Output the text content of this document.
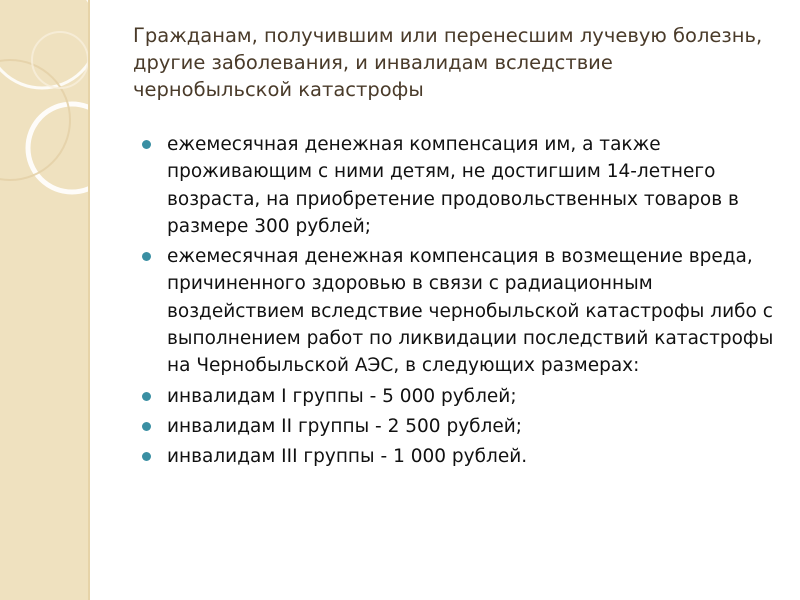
Гражданам, получившим или перенесшим лучевую болезнь, другие заболевания, и инвалидам вследствие чернобыльской катастрофы
ежемесячная денежная компенсация им, а также проживающим с ними детям, не достигшим 14-летнего возраста, на приобретение продовольственных товаров в размере 300 рублей;
ежемесячная денежная компенсация в возмещение вреда, причиненного здоровью в связи с радиационным воздействием вследствие чернобыльской катастрофы либо с выполнением работ по ликвидации последствий катастрофы на Чернобыльской АЭС, в следующих размерах:
инвалидам I группы - 5 000 рублей;
инвалидам II группы - 2 500 рублей;
инвалидам III группы - 1 000 рублей.
